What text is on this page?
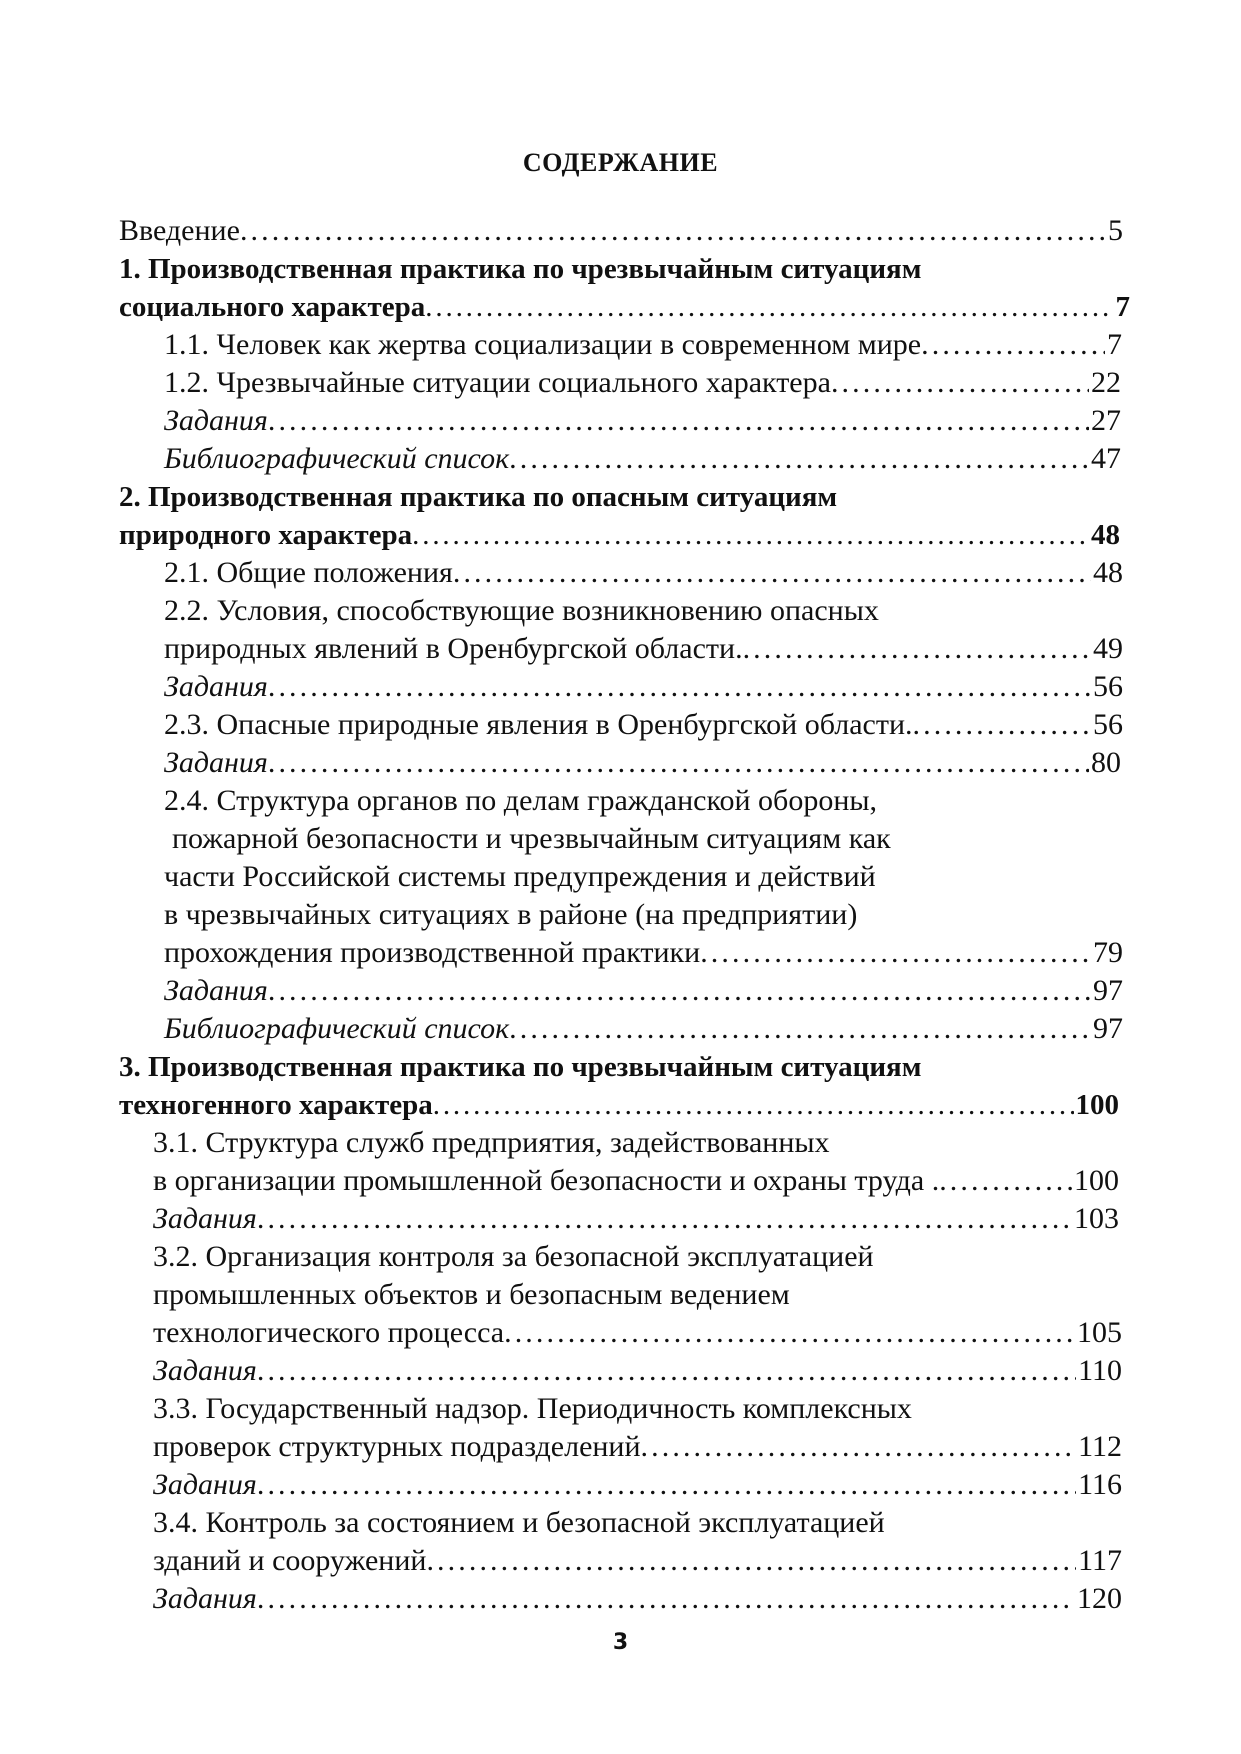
СОДЕРЖАНИЕ
Введение . . .	5
1. Производственная практика по чрезвычайным ситуациям
социального характера . . .	7
1.1. Человек как жертва социализации в современном мире . . .	7
1.2. Чрезвычайные ситуации социального характера . . .	22
Задания . . .	27
Библиографический список . . .	47
2. Производственная практика по опасным ситуациям
природного характера . . .	48
2.1. Общие положения . . .	48
2.2. Условия, способствующие возникновению опасных
природных явлений в Оренбургской области. . . .	49
Задания . . .	56
2.3. Опасные природные явления в Оренбургской области. . . .	56
Задания . . .	80
2.4. Структура органов по делам гражданской обороны,
пожарной безопасности и чрезвычайным ситуациям как
части Российской системы предупреждения и действий
в чрезвычайных ситуациях в районе (на предприятии)
прохождения производственной практики . . .	79
Задания . . .	97
Библиографический список . . .	97
3. Производственная практика по чрезвычайным ситуациям
техногенного характера . . .	100
3.1. Структура служб предприятия, задействованных
в организации промышленной безопасности и охраны труда . . . .	100
Задания . . .	103
3.2. Организация контроля за безопасной эксплуатацией
промышленных объектов и безопасным ведением
технологического процесса . . .	105
Задания . . .	110
3.3. Государственный надзор. Периодичность комплексных
проверок структурных подразделений . . .	112
Задания . . .	116
3.4. Контроль за состоянием и безопасной эксплуатацией
зданий и сооружений . . .	117
Задания . . .	120
3
